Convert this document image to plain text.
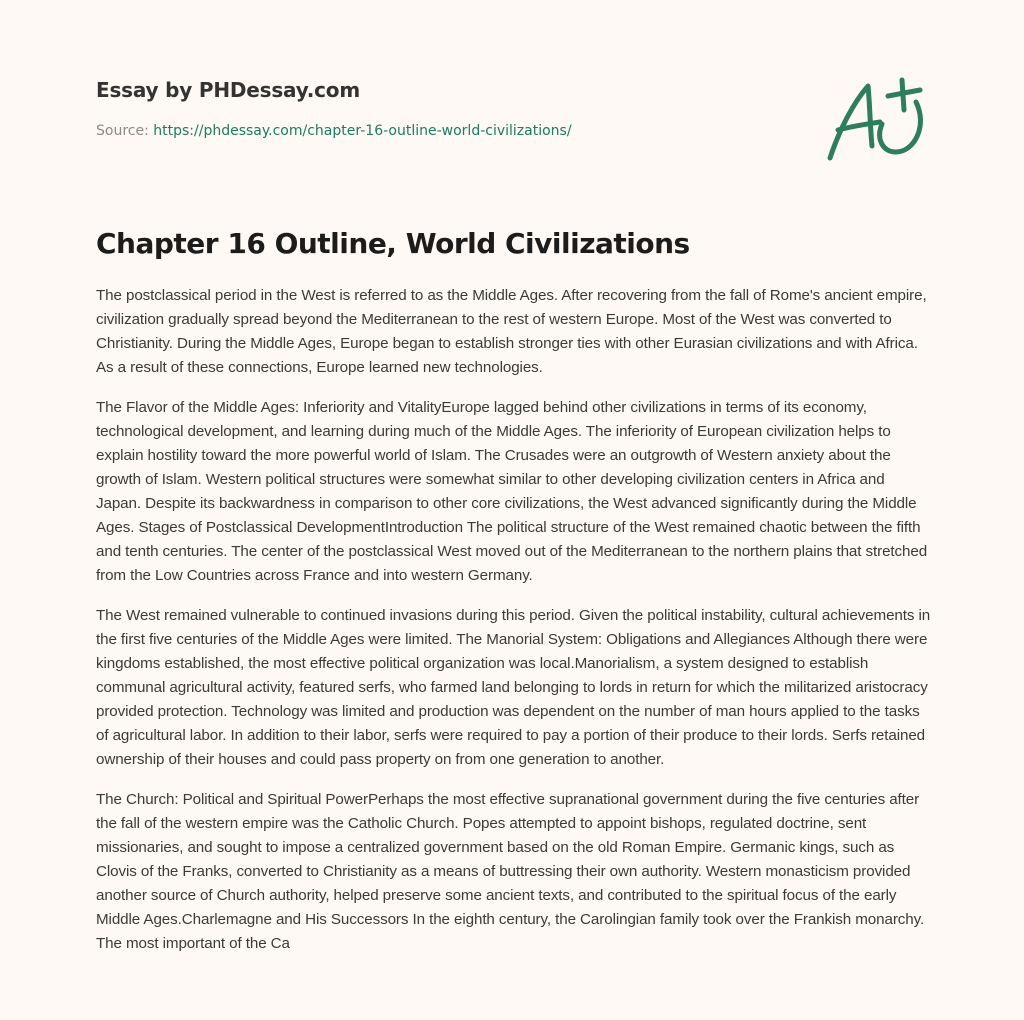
Essay by PHDessay.com
Source: https://phdessay.com/chapter-16-outline-world-civilizations/
Chapter 16 Outline, World Civilizations

The postclassical period in the West is referred to as the Middle Ages. After recovering from the fall of Rome's ancient empire, civilization gradually spread beyond the Mediterranean to the rest of western Europe. Most of the West was converted to Christianity. During the Middle Ages, Europe began to establish stronger ties with other Eurasian civilizations and with Africa. As a result of these connections, Europe learned new technologies.

The Flavor of the Middle Ages: Inferiority and VitalityEurope lagged behind other civilizations in terms of its economy, technological development, and learning during much of the Middle Ages. The inferiority of European civilization helps to explain hostility toward the more powerful world of Islam. The Crusades were an outgrowth of Western anxiety about the growth of Islam. Western political structures were somewhat similar to other developing civilization centers in Africa and Japan. Despite its backwardness in comparison to other core civilizations, the West advanced significantly during the Middle Ages. Stages of Postclassical DevelopmentIntroduction The political structure of the West remained chaotic between the fifth and tenth centuries. The center of the postclassical West moved out of the Mediterranean to the northern plains that stretched from the Low Countries across France and into western Germany.

The West remained vulnerable to continued invasions during this period. Given the political instability, cultural achievements in the first five centuries of the Middle Ages were limited. The Manorial System: Obligations and Allegiances Although there were kingdoms established, the most effective political organization was local.Manorialism, a system designed to establish communal agricultural activity, featured serfs, who farmed land belonging to lords in return for which the militarized aristocracy provided protection. Technology was limited and production was dependent on the number of man hours applied to the tasks of agricultural labor. In addition to their labor, serfs were required to pay a portion of their produce to their lords. Serfs retained ownership of their houses and could pass property on from one generation to another.

The Church: Political and Spiritual PowerPerhaps the most effective supranational government during the five centuries after the fall of the western empire was the Catholic Church. Popes attempted to appoint bishops, regulated doctrine, sent missionaries, and sought to impose a centralized government based on the old Roman Empire. Germanic kings, such as Clovis of the Franks, converted to Christianity as a means of buttressing their own authority. Western monasticism provided another source of Church authority, helped preserve some ancient texts, and contributed to the spiritual focus of the early Middle Ages.Charlemagne and His Successors In the eighth century, the Carolingian family took over the Frankish monarchy. The most important of the Ca
